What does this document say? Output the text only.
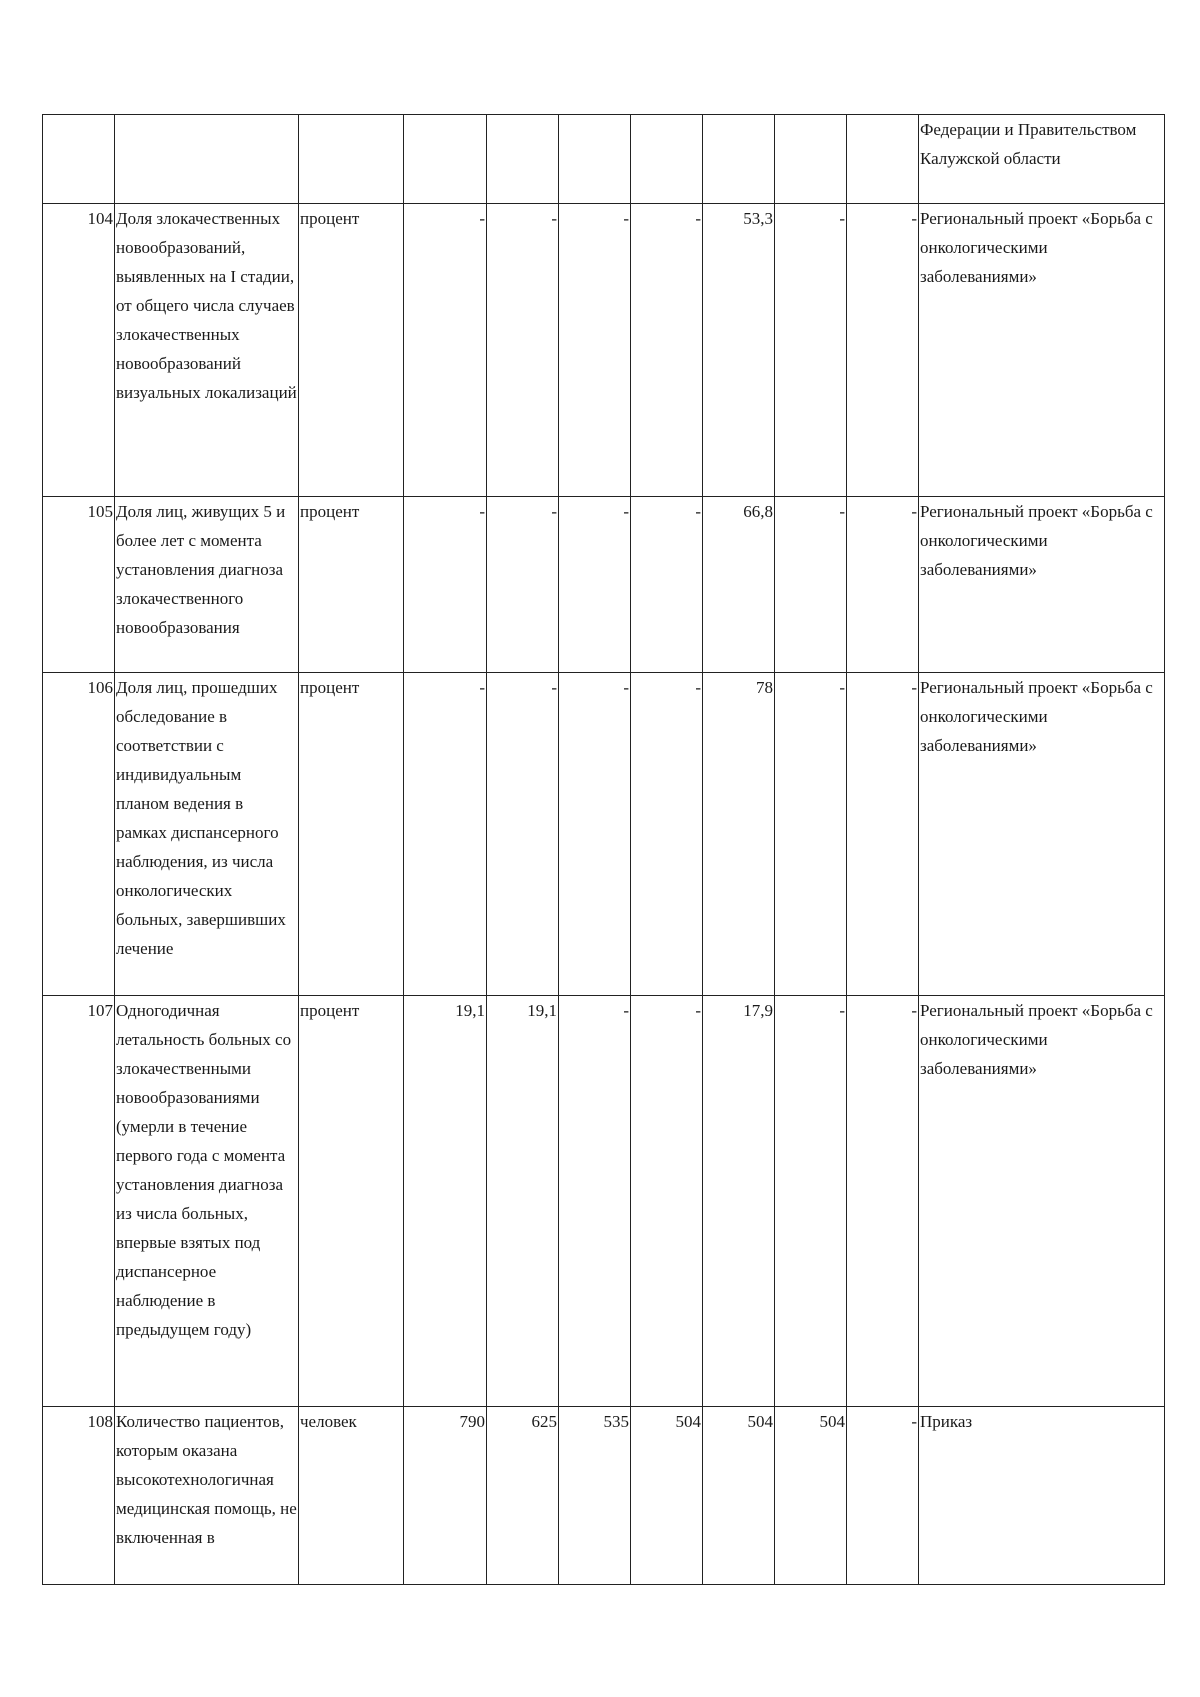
										Федерации и Правительством Калужской области
104	Доля злокачественных новообразований, выявленных на I стадии, от общего числа случаев злокачественных новообразований визуальных локализаций	процент	-	-	-	-	53,3	-	-	Региональный проект «Борьба с онкологическими заболеваниями»
105	Доля лиц, живущих 5 и более лет с момента установления диагноза злокачественного новообразования	процент	-	-	-	-	66,8	-	-	Региональный проект «Борьба с онкологическими заболеваниями»
106	Доля лиц, прошедших обследование в соответствии с индивидуальным планом ведения в рамках диспансерного наблюдения, из числа онкологических больных, завершивших лечение	процент	-	-	-	-	78	-	-	Региональный проект «Борьба с онкологическими заболеваниями»
107	Одногодичная летальность больных со злокачественными новообразованиями (умерли в течение первого года с момента установления диагноза из числа больных, впервые взятых под диспансерное наблюдение в предыдущем году)	процент	19,1	19,1	-	-	17,9	-	-	Региональный проект «Борьба с онкологическими заболеваниями»
108	Количество пациентов, которым оказана высокотехнологичная медицинская помощь, не включенная в	человек	790	625	535	504	504	504	-	Приказ
